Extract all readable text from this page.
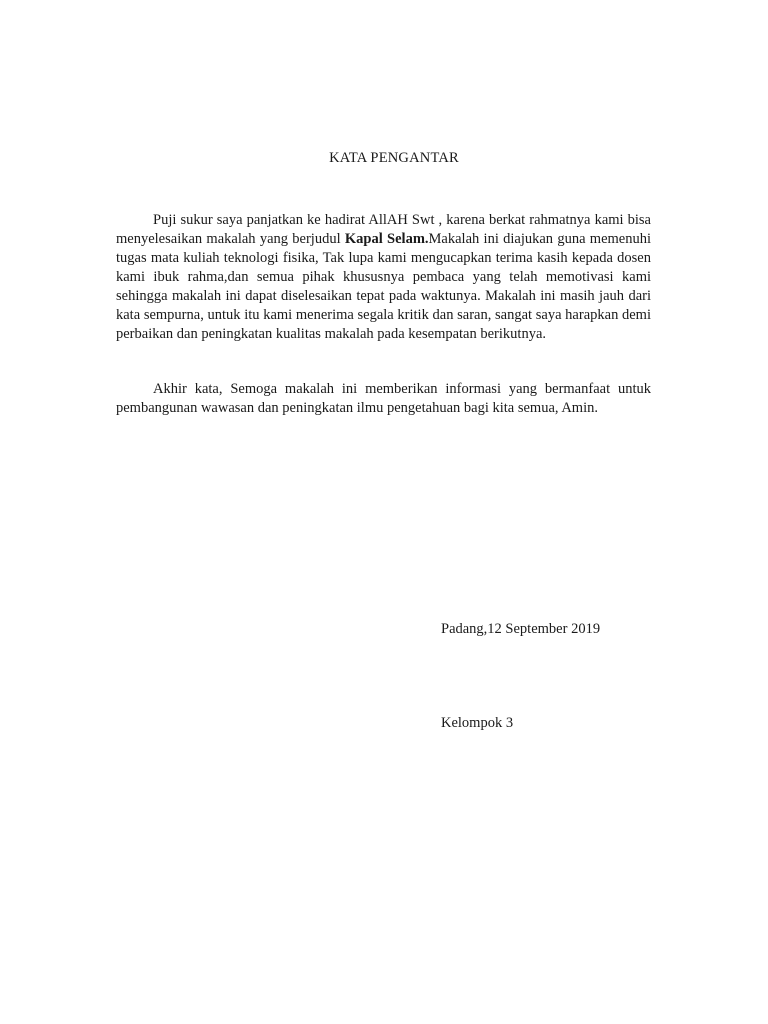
KATA PENGANTAR

Puji sukur saya panjatkan ke hadirat AllAH Swt , karena berkat rahmatnya kami bisa menyelesaikan makalah yang berjudul Kapal Selam.Makalah ini diajukan guna memenuhi tugas mata kuliah teknologi fisika, Tak lupa kami mengucapkan terima kasih kepada dosen kami ibuk rahma,dan semua pihak khususnya pembaca yang telah memotivasi kami sehingga makalah ini dapat diselesaikan tepat pada waktunya. Makalah ini masih jauh dari kata sempurna, untuk itu kami menerima segala kritik dan saran, sangat saya harapkan demi perbaikan dan peningkatan kualitas makalah pada kesempatan berikutnya.

Akhir kata, Semoga makalah ini memberikan informasi yang bermanfaat untuk pembangunan wawasan dan peningkatan ilmu pengetahuan bagi kita semua, Amin.

Padang,12 September 2019
Kelompok 3
